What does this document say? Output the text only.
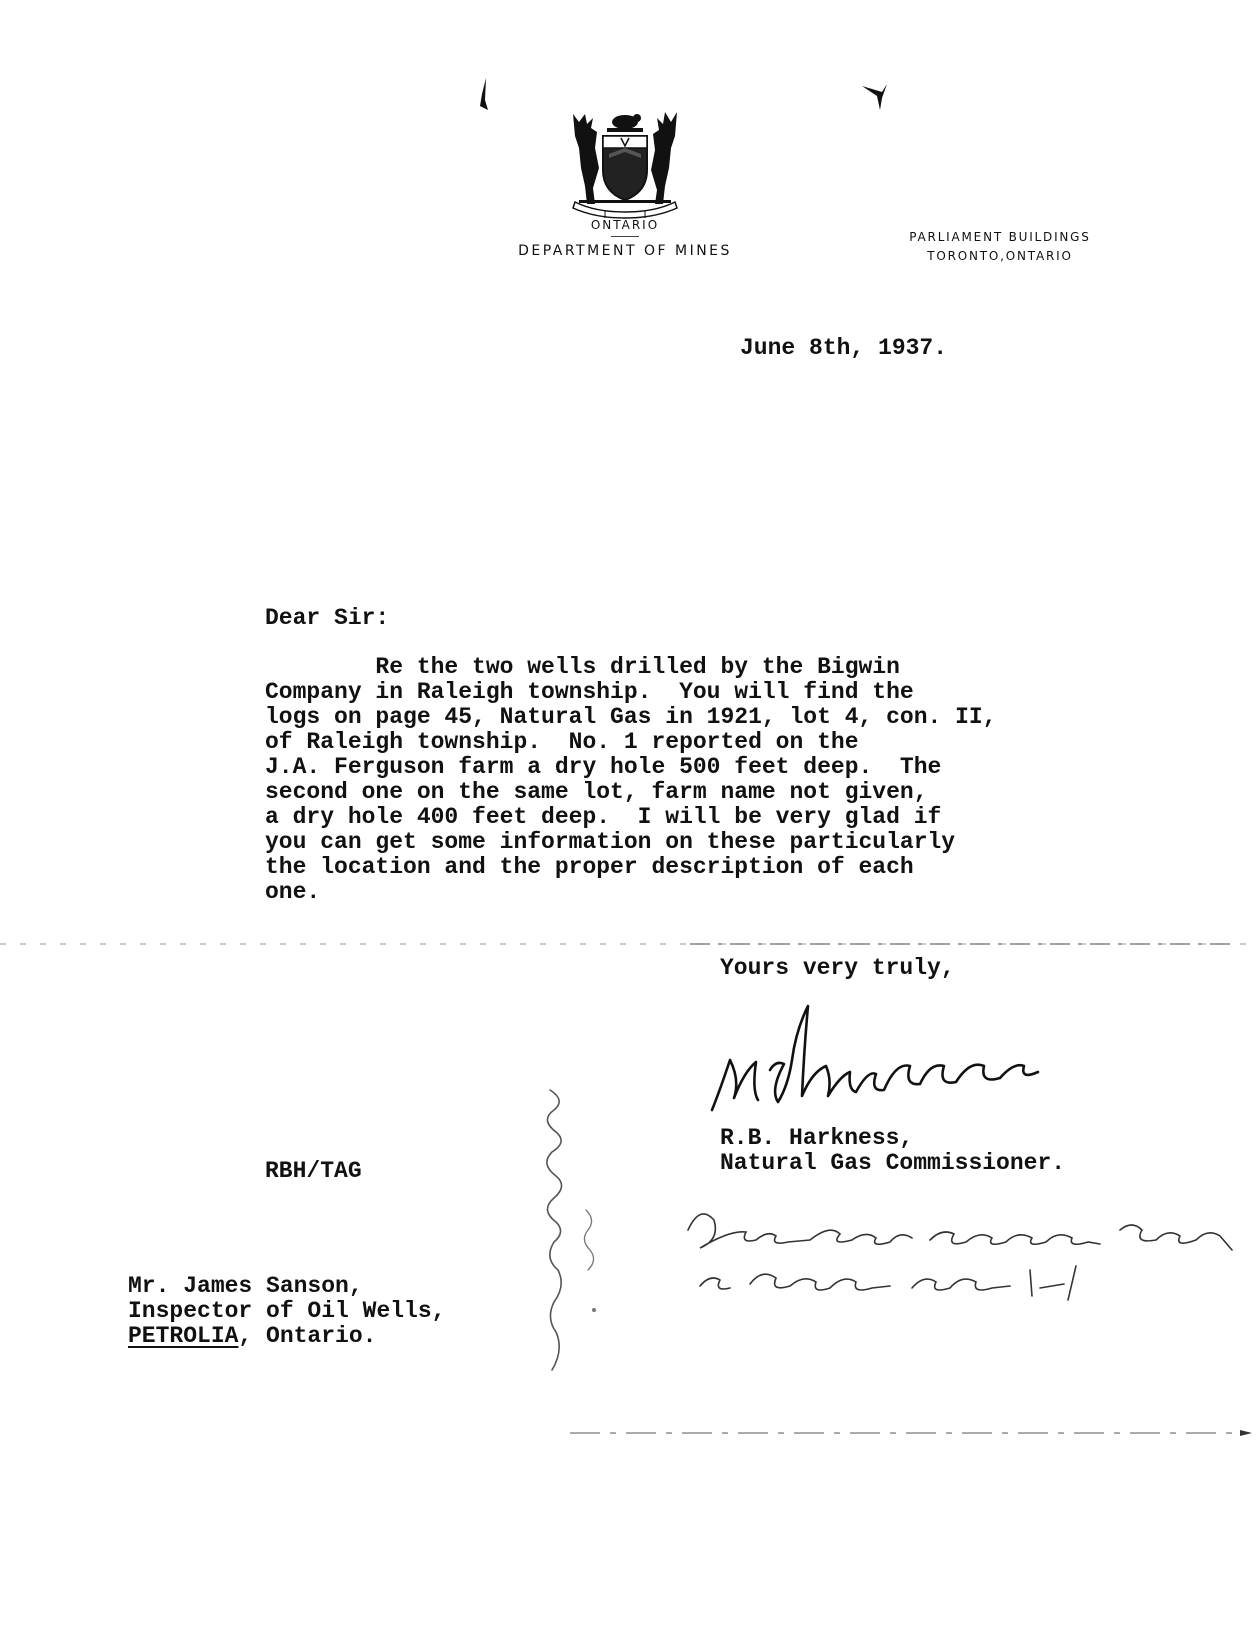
ONTARIO
DEPARTMENT OF MINES
PARLIAMENT BUILDINGS
TORONTO,ONTARIO
June 8th, 1937.
Dear Sir:
Re the two wells drilled by the Bigwin
Company in Raleigh township.  You will find the
logs on page 45, Natural Gas in 1921, lot 4, con. II,
of Raleigh township.  No. 1 reported on the
J.A. Ferguson farm a dry hole 500 feet deep.  The
second one on the same lot, farm name not given,
a dry hole 400 feet deep.  I will be very glad if
you can get some information on these particularly
the location and the proper description of each
one.
Yours very truly,
R.B. Harkness,
Natural Gas Commissioner.
RBH/TAG
Mr. James Sanson,
Inspector of Oil Wells,
PETROLIA, Ontario.
